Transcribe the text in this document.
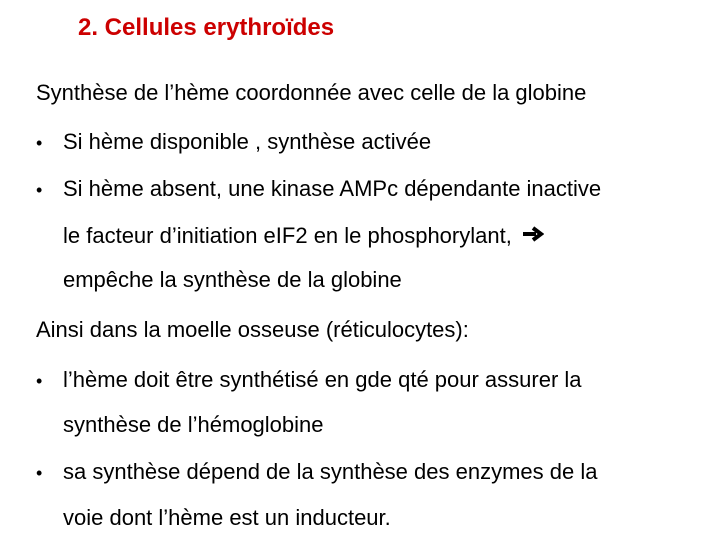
2. Cellules erythroïdes
Synthèse de l’hème coordonnée avec celle de la globine
• Si hème disponible , synthèse activée
• Si hème absent, une kinase AMPc dépendante inactive
le facteur d’initiation eIF2 en le phosphorylant,
empêche la synthèse de la globine
Ainsi dans la moelle osseuse (réticulocytes):
• l’hème doit être synthétisé en gde qté pour assurer la
synthèse de l’hémoglobine
• sa synthèse dépend de la synthèse des enzymes de la
voie dont l’hème est un inducteur.
